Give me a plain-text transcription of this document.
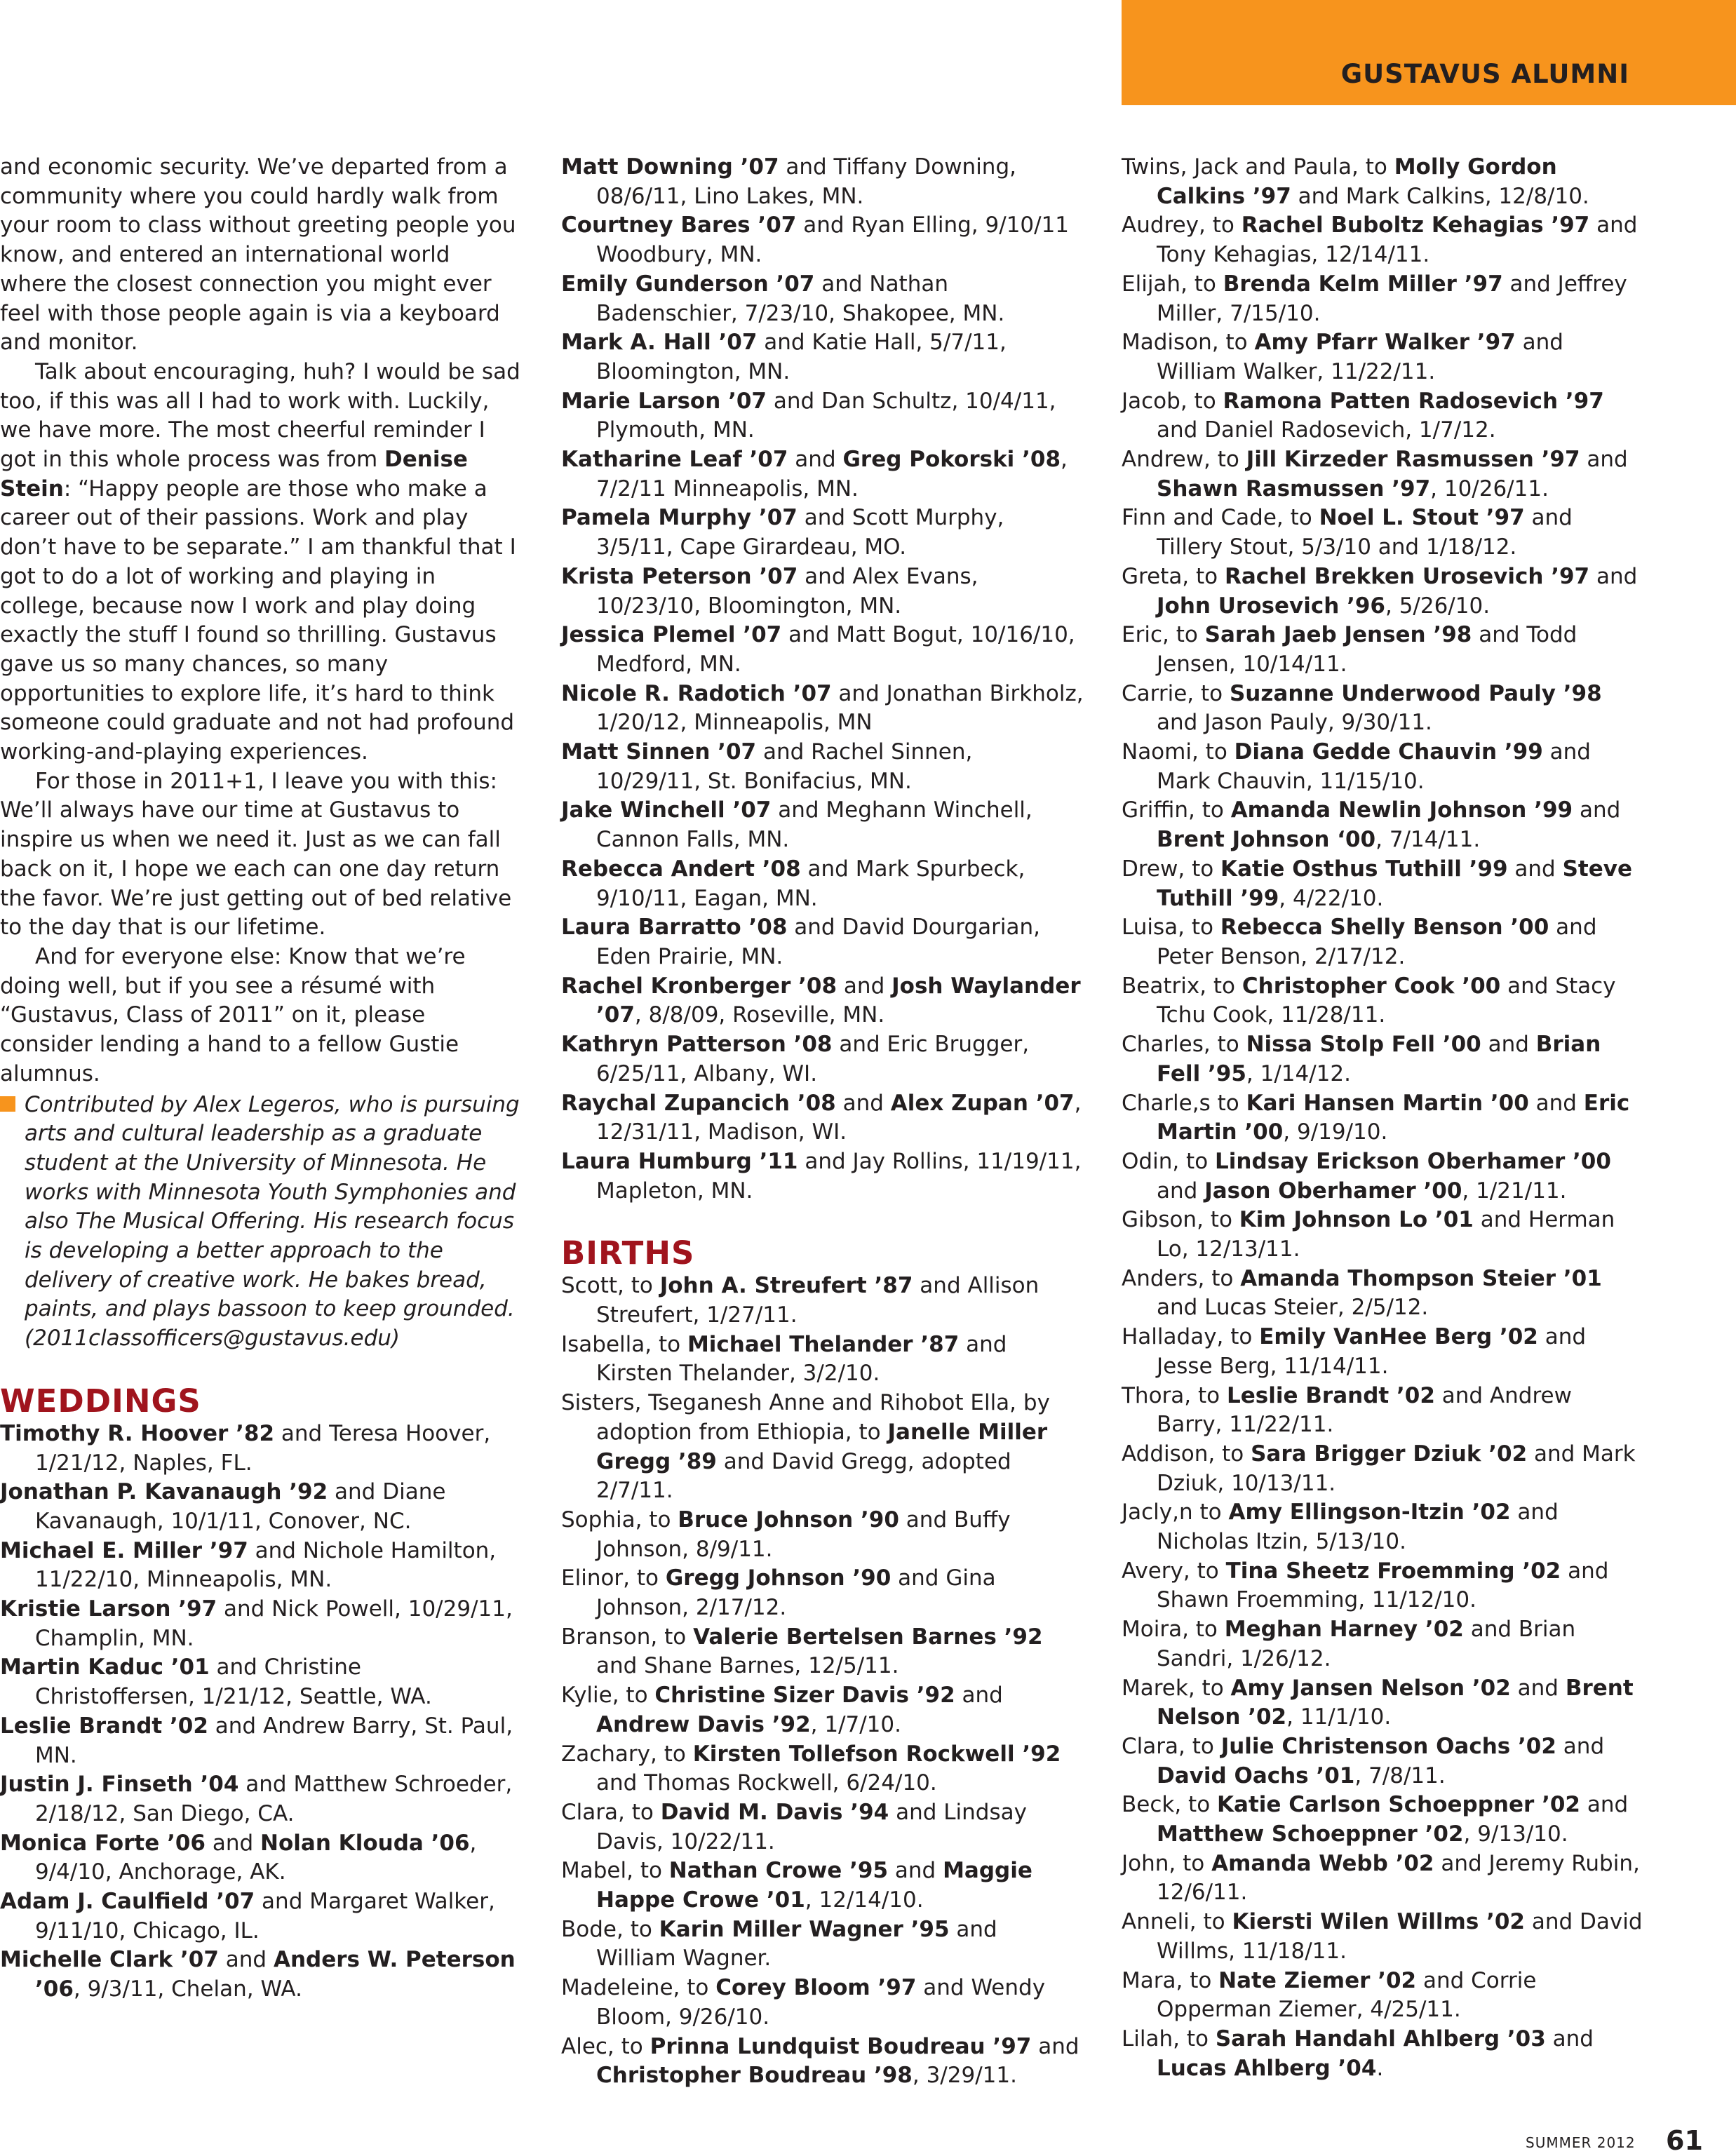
GUSTAVUS ALUMNI

and economic security. We’ve departed from a community where you could hardly walk from your room to class without greeting people you know, and entered an international world where the closest connection you might ever feel with those people again is via a keyboard and monitor.

Talk about encouraging, huh? I would be sad too, if this was all I had to work with. Luckily, we have more. The most cheerful reminder I got in this whole process was from Denise Stein: “Happy people are those who make a career out of their passions. Work and play don’t have to be separate.” I am thankful that I got to do a lot of working and playing in college, because now I work and play doing exactly the stuff I found so thrilling. Gustavus gave us so many chances, so many opportunities to explore life, it’s hard to think someone could graduate and not had profound working-and-playing experiences.

For those in 2011+1, I leave you with this: We’ll always have our time at Gustavus to inspire us when we need it. Just as we can fall back on it, I hope we each can one day return the favor. We’re just getting out of bed relative to the day that is our lifetime.

And for everyone else: Know that we’re doing well, but if you see a résumé with “Gustavus, Class of 2011” on it, please consider lending a hand to a fellow Gustie alumnus.

Contributed by Alex Legeros, who is pursuing arts and cultural leadership as a graduate student at the University of Minnesota. He works with Minnesota Youth Symphonies and also The Musical Offering. His research focus is developing a better approach to the delivery of creative work. He bakes bread, paints, and plays bassoon to keep grounded. (2011classofficers@gustavus.edu)

WEDDINGS

Timothy R. Hoover ’82 and Teresa Hoover, 1/21/12, Naples, FL.

Jonathan P. Kavanaugh ’92 and Diane Kavanaugh, 10/1/11, Conover, NC.

Michael E. Miller ’97 and Nichole Hamilton, 11/22/10, Minneapolis, MN.

Kristie Larson ’97 and Nick Powell, 10/29/11, Champlin, MN.

Martin Kaduc ’01 and Christine Christoffersen, 1/21/12, Seattle, WA.

Leslie Brandt ’02 and Andrew Barry, St. Paul, MN.

Justin J. Finseth ’04 and Matthew Schroeder, 2/18/12, San Diego, CA.

Monica Forte ’06 and Nolan Klouda ’06, 9/4/10, Anchorage, AK.

Adam J. Caulfield ’07 and Margaret Walker, 9/11/10, Chicago, IL.

Michelle Clark ’07 and Anders W. Peterson ’06, 9/3/11, Chelan, WA.

Matt Downing ’07 and Tiffany Downing, 08/6/11, Lino Lakes, MN.

Courtney Bares ’07 and Ryan Elling, 9/10/11 Woodbury, MN.

Emily Gunderson ’07 and Nathan Badenschier, 7/23/10, Shakopee, MN.

Mark A. Hall ’07 and Katie Hall, 5/7/11, Bloomington, MN.

Marie Larson ’07 and Dan Schultz, 10/4/11, Plymouth, MN.

Katharine Leaf ’07 and Greg Pokorski ’08, 7/2/11 Minneapolis, MN.

Pamela Murphy ’07 and Scott Murphy, 3/5/11, Cape Girardeau, MO.

Krista Peterson ’07 and Alex Evans, 10/23/10, Bloomington, MN.

Jessica Plemel ’07 and Matt Bogut, 10/16/10, Medford, MN.

Nicole R. Radotich ’07 and Jonathan Birkholz, 1/20/12, Minneapolis, MN

Matt Sinnen ’07 and Rachel Sinnen, 10/29/11, St. Bonifacius, MN.

Jake Winchell ’07 and Meghann Winchell, Cannon Falls, MN.

Rebecca Andert ’08 and Mark Spurbeck, 9/10/11, Eagan, MN.

Laura Barratto ’08 and David Dourgarian, Eden Prairie, MN.

Rachel Kronberger ’08 and Josh Waylander ’07, 8/8/09, Roseville, MN.

Kathryn Patterson ’08 and Eric Brugger, 6/25/11, Albany, WI.

Raychal Zupancich ’08 and Alex Zupan ’07, 12/31/11, Madison, WI.

Laura Humburg ’11 and Jay Rollins, 11/19/11, Mapleton, MN.

BIRTHS

Scott, to John A. Streufert ’87 and Allison Streufert, 1/27/11.

Isabella, to Michael Thelander ’87 and Kirsten Thelander, 3/2/10.

Sisters, Tseganesh Anne and Rihobot Ella, by adoption from Ethiopia, to Janelle Miller Gregg ’89 and David Gregg, adopted 2/7/11.

Sophia, to Bruce Johnson ’90 and Buffy Johnson, 8/9/11.

Elinor, to Gregg Johnson ’90 and Gina Johnson, 2/17/12.

Branson, to Valerie Bertelsen Barnes ’92 and Shane Barnes, 12/5/11.

Kylie, to Christine Sizer Davis ’92 and Andrew Davis ’92, 1/7/10.

Zachary, to Kirsten Tollefson Rockwell ’92 and Thomas Rockwell, 6/24/10.

Clara, to David M. Davis ’94 and Lindsay Davis, 10/22/11.

Mabel, to Nathan Crowe ’95 and Maggie Happe Crowe ’01, 12/14/10.

Bode, to Karin Miller Wagner ’95 and William Wagner.

Madeleine, to Corey Bloom ’97 and Wendy Bloom, 9/26/10.

Alec, to Prinna Lundquist Boudreau ’97 and Christopher Boudreau ’98, 3/29/11.

Twins, Jack and Paula, to Molly Gordon Calkins ’97 and Mark Calkins, 12/8/10.

Audrey, to Rachel Buboltz Kehagias ’97 and Tony Kehagias, 12/14/11.

Elijah, to Brenda Kelm Miller ’97 and Jeffrey Miller, 7/15/10.

Madison, to Amy Pfarr Walker ’97 and William Walker, 11/22/11.

Jacob, to Ramona Patten Radosevich ’97 and Daniel Radosevich, 1/7/12.

Andrew, to Jill Kirzeder Rasmussen ’97 and Shawn Rasmussen ’97, 10/26/11.

Finn and Cade, to Noel L. Stout ’97 and Tillery Stout, 5/3/10 and 1/18/12.

Greta, to Rachel Brekken Urosevich ’97 and John Urosevich ’96, 5/26/10.

Eric, to Sarah Jaeb Jensen ’98 and Todd Jensen, 10/14/11.

Carrie, to Suzanne Underwood Pauly ’98 and Jason Pauly, 9/30/11.

Naomi, to Diana Gedde Chauvin ’99 and Mark Chauvin, 11/15/10.

Griffin, to Amanda Newlin Johnson ’99 and Brent Johnson ‘00, 7/14/11.

Drew, to Katie Osthus Tuthill ’99 and Steve Tuthill ’99, 4/22/10.

Luisa, to Rebecca Shelly Benson ’00 and Peter Benson, 2/17/12.

Beatrix, to Christopher Cook ’00 and Stacy Tchu Cook, 11/28/11.

Charles, to Nissa Stolp Fell ’00 and Brian Fell ’95, 1/14/12.

Charle,s to Kari Hansen Martin ’00 and Eric Martin ’00, 9/19/10.

Odin, to Lindsay Erickson Oberhamer ’00 and Jason Oberhamer ’00, 1/21/11.

Gibson, to Kim Johnson Lo ’01 and Herman Lo, 12/13/11.

Anders, to Amanda Thompson Steier ’01 and Lucas Steier, 2/5/12.

Halladay, to Emily VanHee Berg ’02 and Jesse Berg, 11/14/11.

Thora, to Leslie Brandt ’02 and Andrew Barry, 11/22/11.

Addison, to Sara Brigger Dziuk ’02 and Mark Dziuk, 10/13/11.

Jacly,n to Amy Ellingson-Itzin ’02 and Nicholas Itzin, 5/13/10.

Avery, to Tina Sheetz Froemming ’02 and Shawn Froemming, 11/12/10.

Moira, to Meghan Harney ’02 and Brian Sandri, 1/26/12.

Marek, to Amy Jansen Nelson ’02 and Brent Nelson ’02, 11/1/10.

Clara, to Julie Christenson Oachs ’02 and David Oachs ’01, 7/8/11.

Beck, to Katie Carlson Schoeppner ’02 and Matthew Schoeppner ’02, 9/13/10.

John, to Amanda Webb ’02 and Jeremy Rubin, 12/6/11.

Anneli, to Kiersti Wilen Willms ’02 and David Willms, 11/18/11.

Mara, to Nate Ziemer ’02 and Corrie Opperman Ziemer, 4/25/11.

Lilah, to Sarah Handahl Ahlberg ’03 and Lucas Ahlberg ’04.

SUMMER 2012 61
